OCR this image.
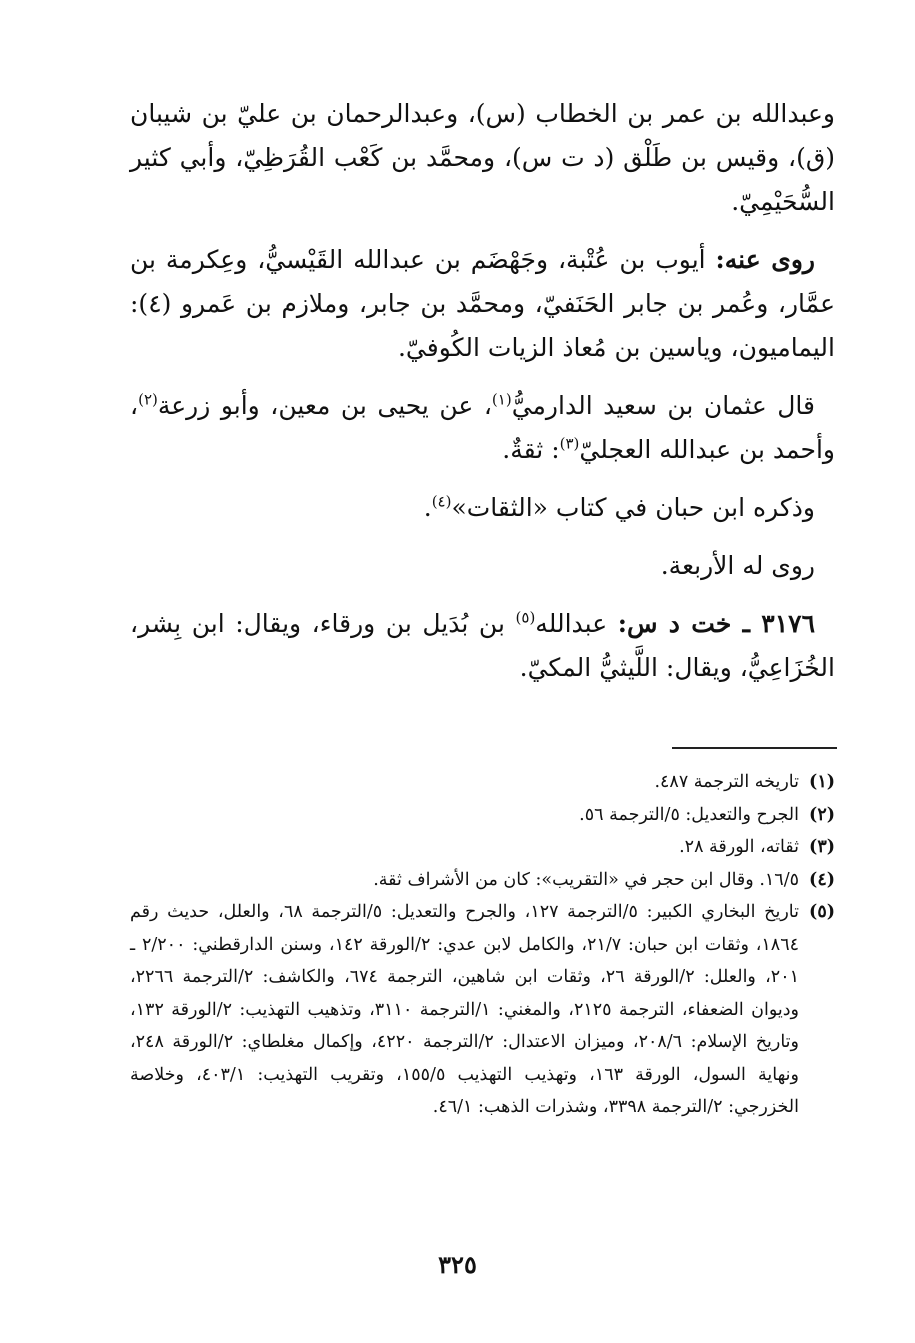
وعبدالله بن عمر بن الخطاب (س)، وعبدالرحمان بن عليّ بن شيبان (ق)، وقيس بن طَلْق (د ت س)، ومحمَّد بن كَعْب القُرَظِيّ، وأبي كثير السُّحَيْمِيّ.

روى عنه: أيوب بن عُتْبة، وجَهْضَم بن عبدالله القَيْسيُّ، وعِكرمة بن عمَّار، وعُمر بن جابر الحَنَفيّ، ومحمَّد بن جابر، وملازم بن عَمرو (٤): اليماميون، وياسين بن مُعاذ الزيات الكُوفيّ.

قال عثمان بن سعيد الدارميُّ$^{(١)}$، عن يحيى بن معين، وأبو زرعة$^{(٢)}$، وأحمد بن عبدالله العجليّ$^{(٣)}$: ثقةٌ.

وذكره ابن حبان في كتاب «الثقات»$^{(٤)}$.

روى له الأربعة.

٣١٧٦ ـ خت د س: عبدالله$^{(٥)}$ بن بُدَيل بن ورقاء، ويقال: ابن بِشر، الخُزَاعِيُّ، ويقال: اللَّيثيُّ المكيّ.

(١)
تاريخه الترجمة ٤٨٧.
(٢)
الجرح والتعديل: ٥/الترجمة ٥٦.
(٣)
ثقاته، الورقة ٢٨.
(٤)
١٦/٥. وقال ابن حجر في «التقريب»: كان من الأشراف ثقة.
(٥)
تاريخ البخاري الكبير: ٥/الترجمة ١٢٧، والجرح والتعديل: ٥/الترجمة ٦٨، والعلل، حديث رقم ١٨٦٤، وثقات ابن حبان: ٢١/٧، والكامل لابن عدي: ٢/الورقة ١٤٢، وسنن الدارقطني: ٢/٢٠٠ ـ ٢٠١، والعلل: ٢/الورقة ٢٦، وثقات ابن شاهين، الترجمة ٦٧٤، والكاشف: ٢/الترجمة ٢٢٦٦، وديوان الضعفاء، الترجمة ٢١٢٥، والمغني: ١/الترجمة ٣١١٠، وتذهيب التهذيب: ٢/الورقة ١٣٢، وتاريخ الإسلام: ٢٠٨/٦، وميزان الاعتدال: ٢/الترجمة ٤٢٢٠، وإكمال مغلطاي: ٢/الورقة ٢٤٨، ونهاية السول، الورقة ١٦٣، وتهذيب التهذيب ١٥٥/٥، وتقريب التهذيب: ٤٠٣/١، وخلاصة الخزرجي: ٢/الترجمة ٣٣٩٨، وشذرات الذهب: ٤٦/١.
٣٢٥
